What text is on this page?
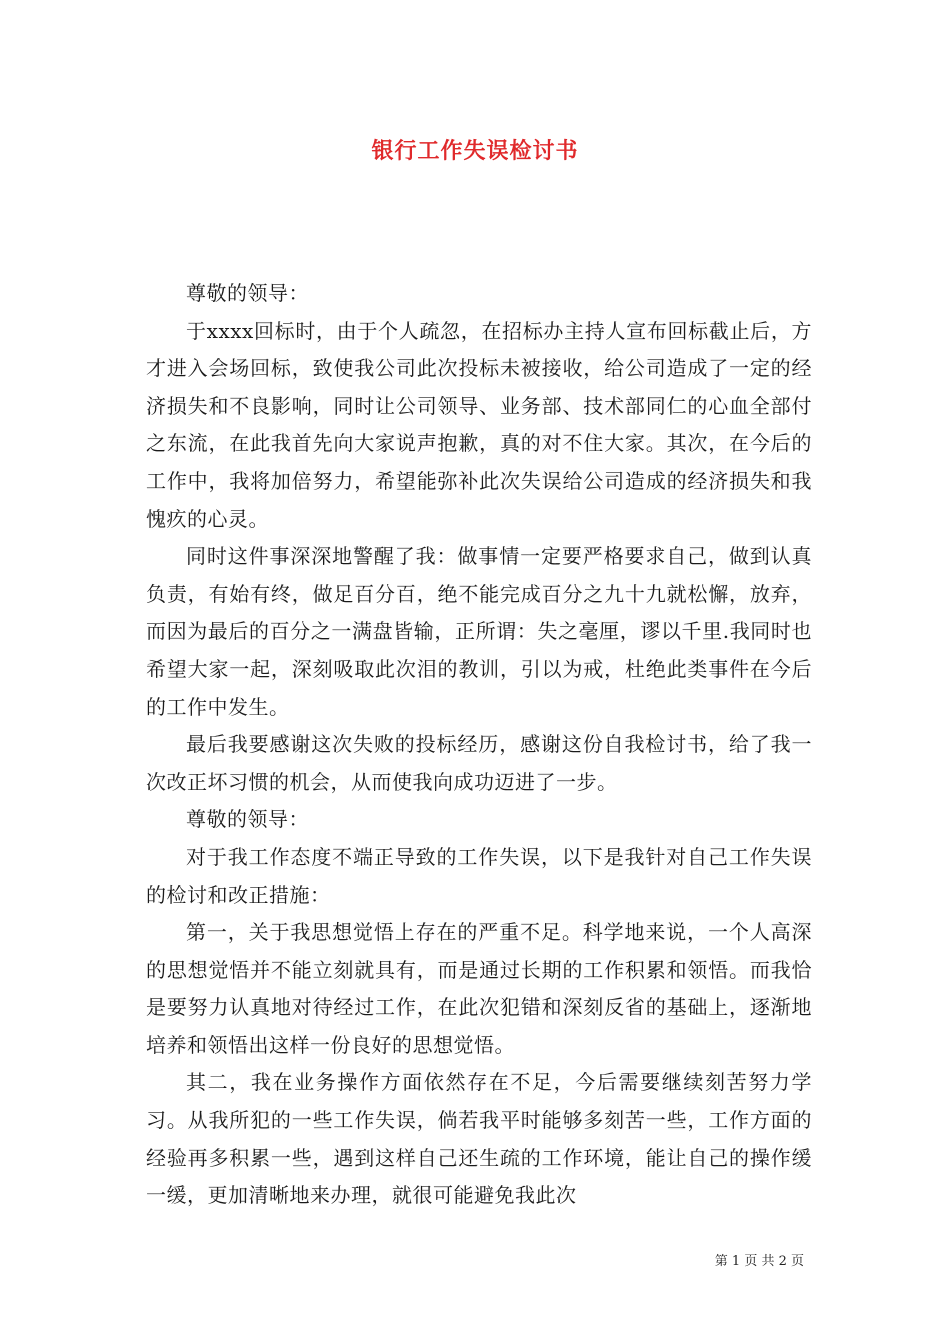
银行工作失误检讨书

尊敬的领导：

于xxxx回标时，由于个人疏忽，在招标办主持人宣布回标截止后，方才进入会场回标，致使我公司此次投标未被接收，给公司造成了一定的经济损失和不良影响，同时让公司领导、业务部、技术部同仁的心血全部付之东流，在此我首先向大家说声抱歉，真的对不住大家。其次，在今后的工作中，我将加倍努力，希望能弥补此次失误给公司造成的经济损失和我愧疚的心灵。

同时这件事深深地警醒了我：做事情一定要严格要求自己，做到认真负责，有始有终，做足百分百，绝不能完成百分之九十九就松懈，放弃，而因为最后的百分之一满盘皆输，正所谓：失之毫厘，谬以千里.我同时也希望大家一起，深刻吸取此次泪的教训，引以为戒，杜绝此类事件在今后的工作中发生。

最后我要感谢这次失败的投标经历，感谢这份自我检讨书，给了我一次改正坏习惯的机会，从而使我向成功迈进了一步。

尊敬的领导：

对于我工作态度不端正导致的工作失误，以下是我针对自己工作失误的检讨和改正措施：

第一，关于我思想觉悟上存在的严重不足。科学地来说，一个人高深的思想觉悟并不能立刻就具有，而是通过长期的工作积累和领悟。而我恰是要努力认真地对待经过工作，在此次犯错和深刻反省的基础上，逐渐地培养和领悟出这样一份良好的思想觉悟。

其二，我在业务操作方面依然存在不足，今后需要继续刻苦努力学习。从我所犯的一些工作失误，倘若我平时能够多刻苦一些，工作方面的经验再多积累一些，遇到这样自己还生疏的工作环境，能让自己的操作缓一缓，更加清晰地来办理，就很可能避免我此次

第 1 页 共 2 页
